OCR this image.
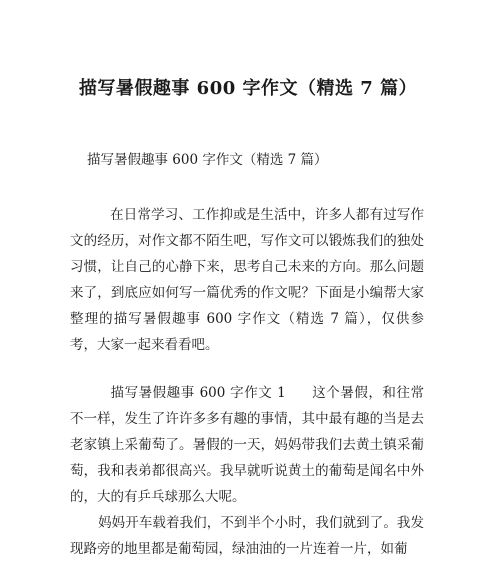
描写暑假趣事 600 字作文（精选 7 篇）

描写暑假趣事 600 字作文（精选 7 篇）

在日常学习、工作抑或是生活中，许多人都有过写作文的经历，对作文都不陌生吧，写作文可以锻炼我们的独处习惯，让自己的心静下来，思考自己未来的方向。那么问题来了，到底应如何写一篇优秀的作文呢？下面是小编帮大家整理的描写暑假趣事 600 字作文（精选 7 篇），仅供参考，大家一起来看看吧。

描写暑假趣事 600 字作文 1 这个暑假，和往常不一样，发生了许许多多有趣的事情，其中最有趣的当是去老家镇上采葡萄了。暑假的一天，妈妈带我们去黄土镇采葡萄，我和表弟都很高兴。我早就听说黄土的葡萄是闻名中外的，大的有乒乓球那么大呢。

妈妈开车载着我们，不到半个小时，我们就到了。我发现路旁的地里都是葡萄园，绿油油的一片连着一片，如葡
